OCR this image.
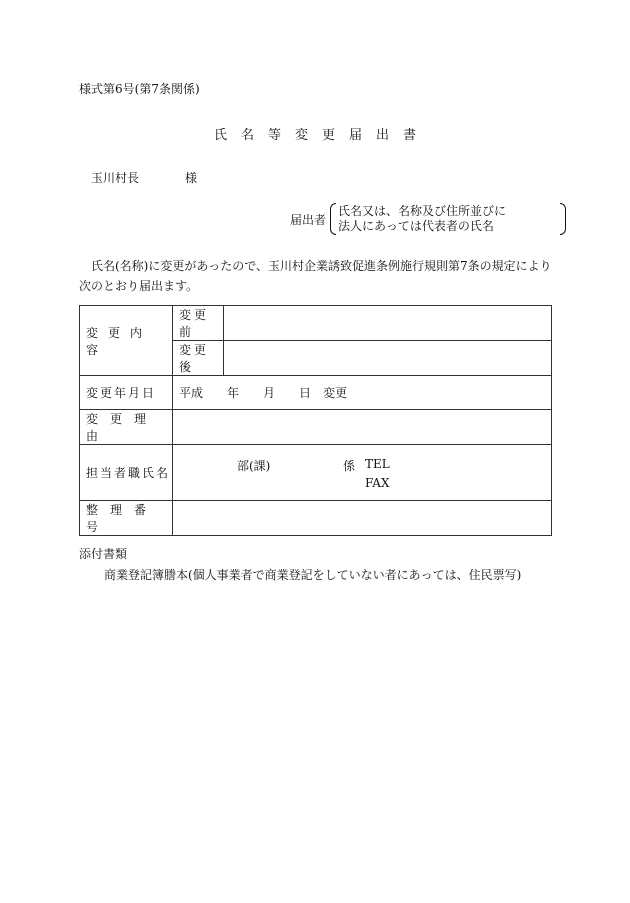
様式第6号(第7条関係)
氏名等変更届出書
玉川村長	様
届出者
氏名又は、名称及び住所並びに
法人にあっては代表者の氏名
氏名(名称)に変更があったので、玉川村企業誘致促進条例施行規則第7条の規定により次のとおり届出ます。
変更内容	変更前	
	変更後	
変更年月日	平成 年 月 日 変更	
変更理由		
担当者職氏名	部(課) 係 TEL
FAX	

整理番号		
添付書類
商業登記簿謄本(個人事業者で商業登記をしていない者にあっては、住民票写)
